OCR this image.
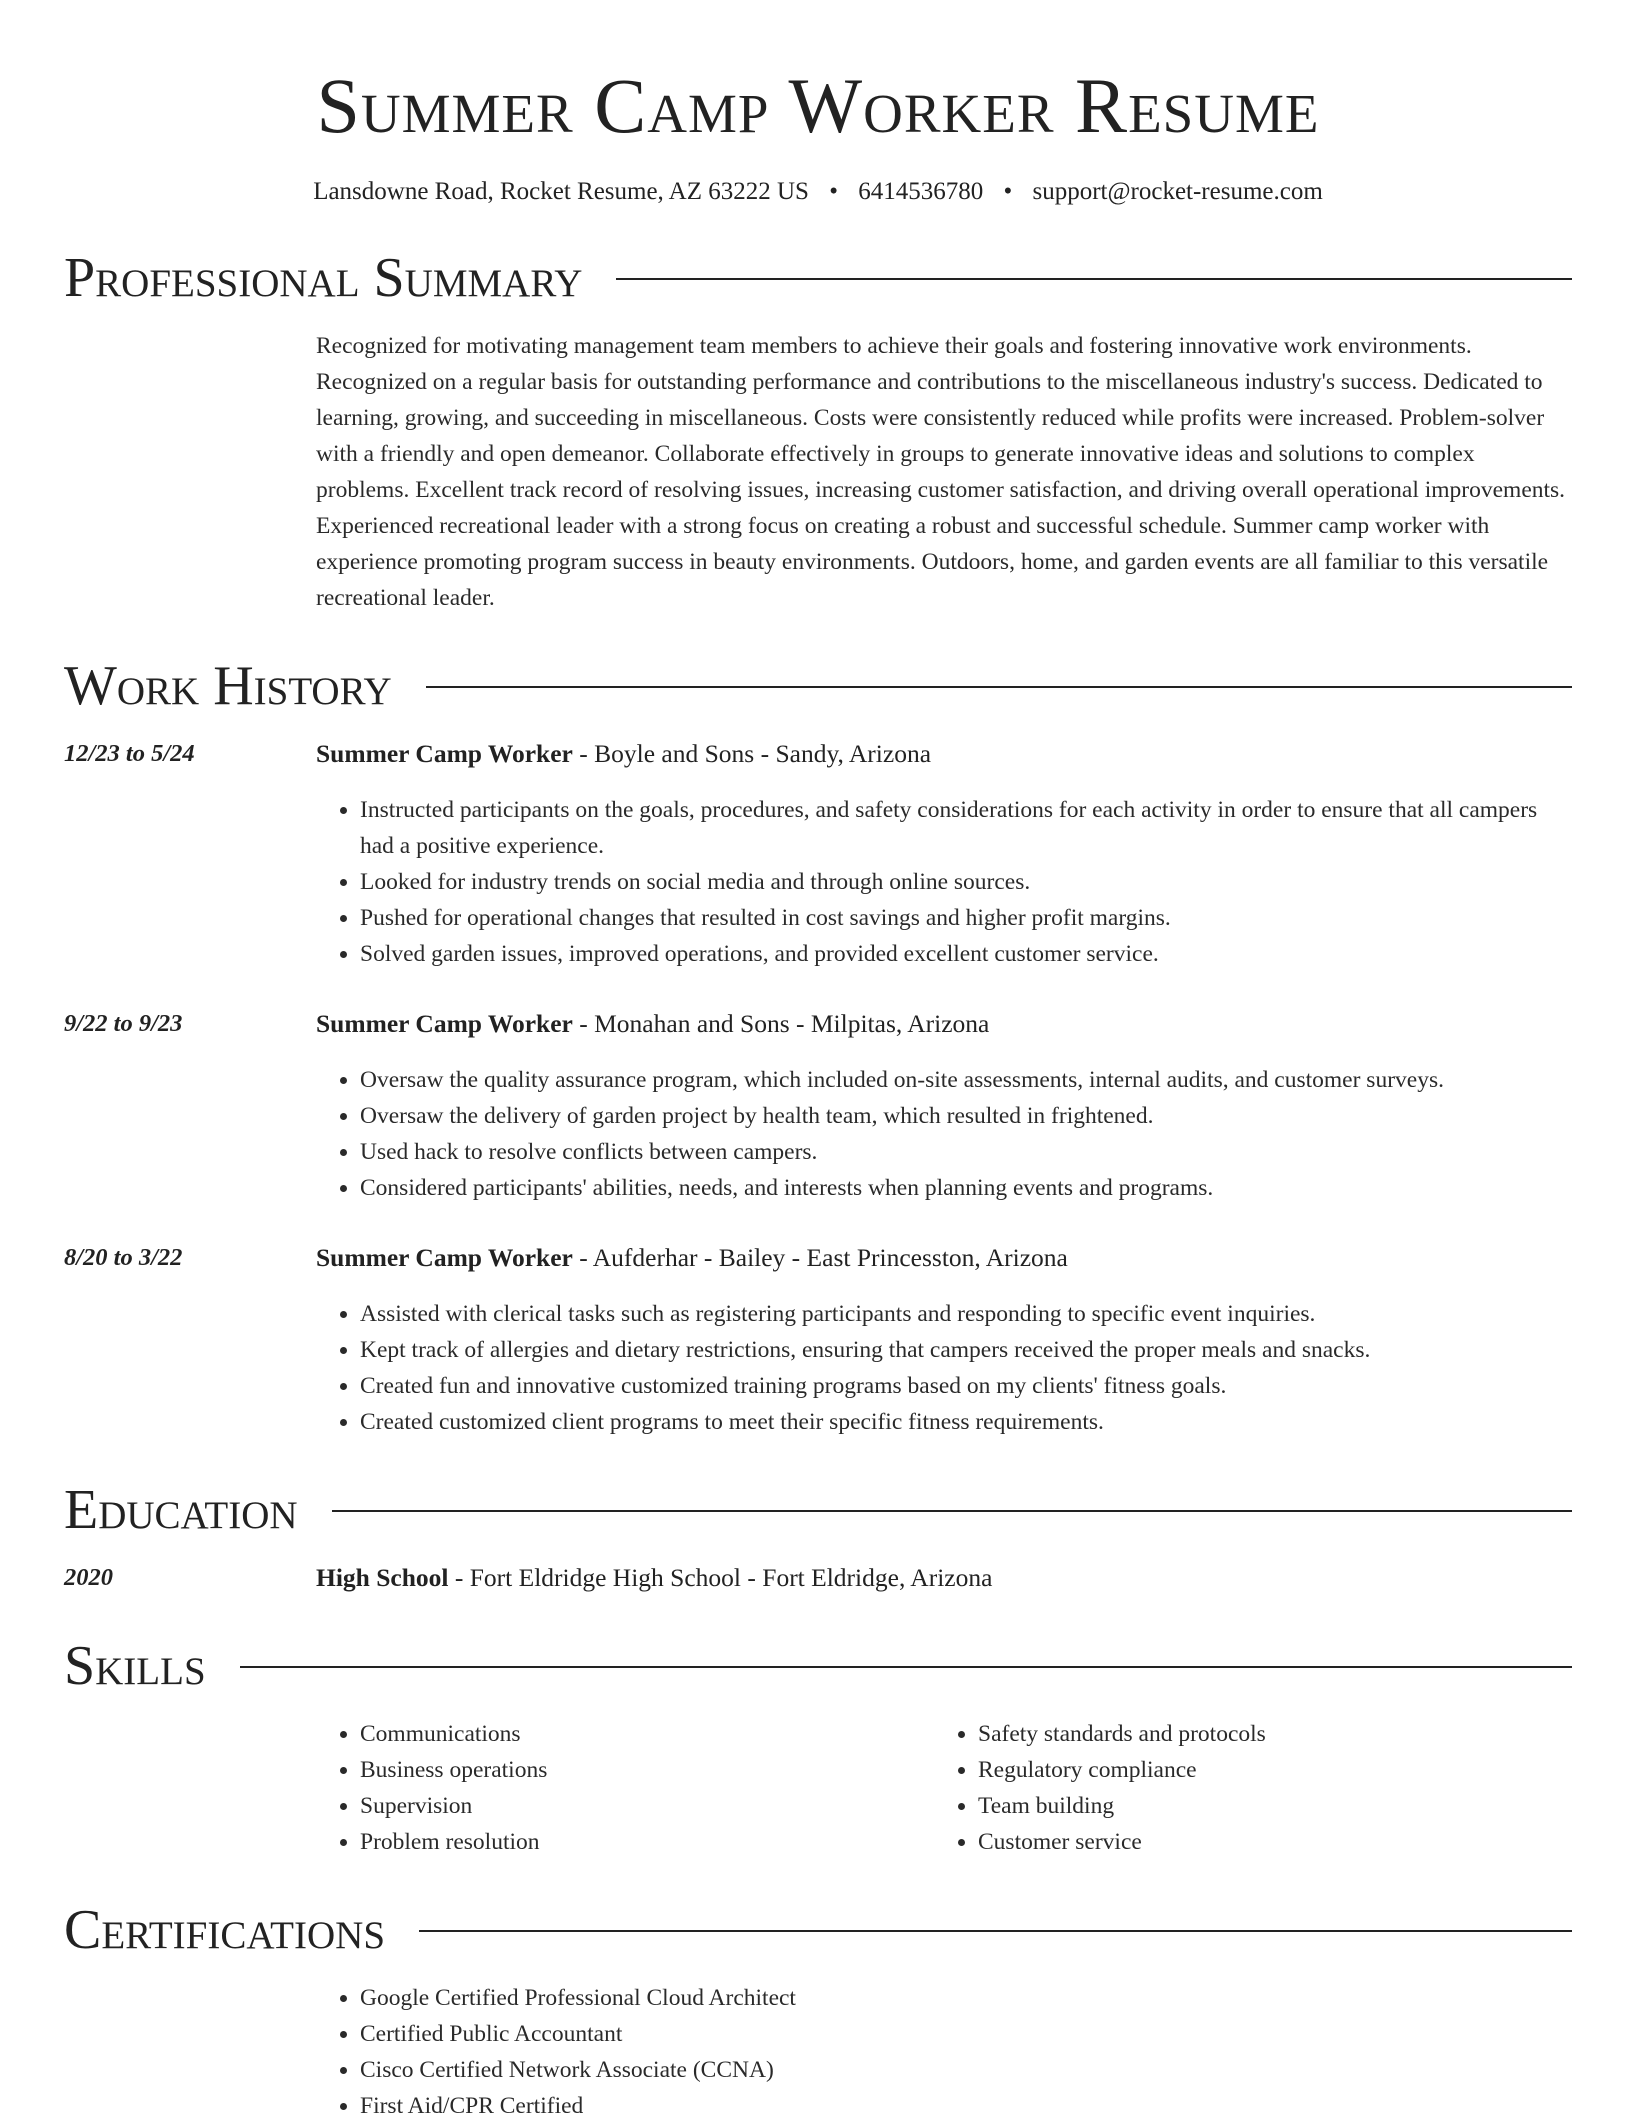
Summer Camp Worker Resume
Lansdowne Road, Rocket Resume, AZ 63222 US • 6414536780 • support@rocket-resume.com
Professional Summary
Recognized for motivating management team members to achieve their goals and fostering innovative work environments. Recognized on a regular basis for outstanding performance and contributions to the miscellaneous industry's success. Dedicated to learning, growing, and succeeding in miscellaneous. Costs were consistently reduced while profits were increased. Problem-solver with a friendly and open demeanor. Collaborate effectively in groups to generate innovative ideas and solutions to complex problems. Excellent track record of resolving issues, increasing customer satisfaction, and driving overall operational improvements. Experienced recreational leader with a strong focus on creating a robust and successful schedule. Summer camp worker with experience promoting program success in beauty environments. Outdoors, home, and garden events are all familiar to this versatile recreational leader.
Work History
12/23 to 5/24	Summer Camp Worker - Boyle and Sons - Sandy, Arizona
• Instructed participants on the goals, procedures, and safety considerations for each activity in order to ensure that all campers had a positive experience.
• Looked for industry trends on social media and through online sources.
• Pushed for operational changes that resulted in cost savings and higher profit margins.
• Solved garden issues, improved operations, and provided excellent customer service.
9/22 to 9/23	Summer Camp Worker - Monahan and Sons - Milpitas, Arizona
• Oversaw the quality assurance program, which included on-site assessments, internal audits, and customer surveys.
• Oversaw the delivery of garden project by health team, which resulted in frightened.
• Used hack to resolve conflicts between campers.
• Considered participants' abilities, needs, and interests when planning events and programs.
8/20 to 3/22	Summer Camp Worker - Aufderhar - Bailey - East Princesston, Arizona
• Assisted with clerical tasks such as registering participants and responding to specific event inquiries.
• Kept track of allergies and dietary restrictions, ensuring that campers received the proper meals and snacks.
• Created fun and innovative customized training programs based on my clients' fitness goals.
• Created customized client programs to meet their specific fitness requirements.
Education
2020	High School - Fort Eldridge High School - Fort Eldridge, Arizona
Skills
• Communications
• Business operations
• Supervision
• Problem resolution
• Safety standards and protocols
• Regulatory compliance
• Team building
• Customer service
Certifications
• Google Certified Professional Cloud Architect
• Certified Public Accountant
• Cisco Certified Network Associate (CCNA)
• First Aid/CPR Certified
